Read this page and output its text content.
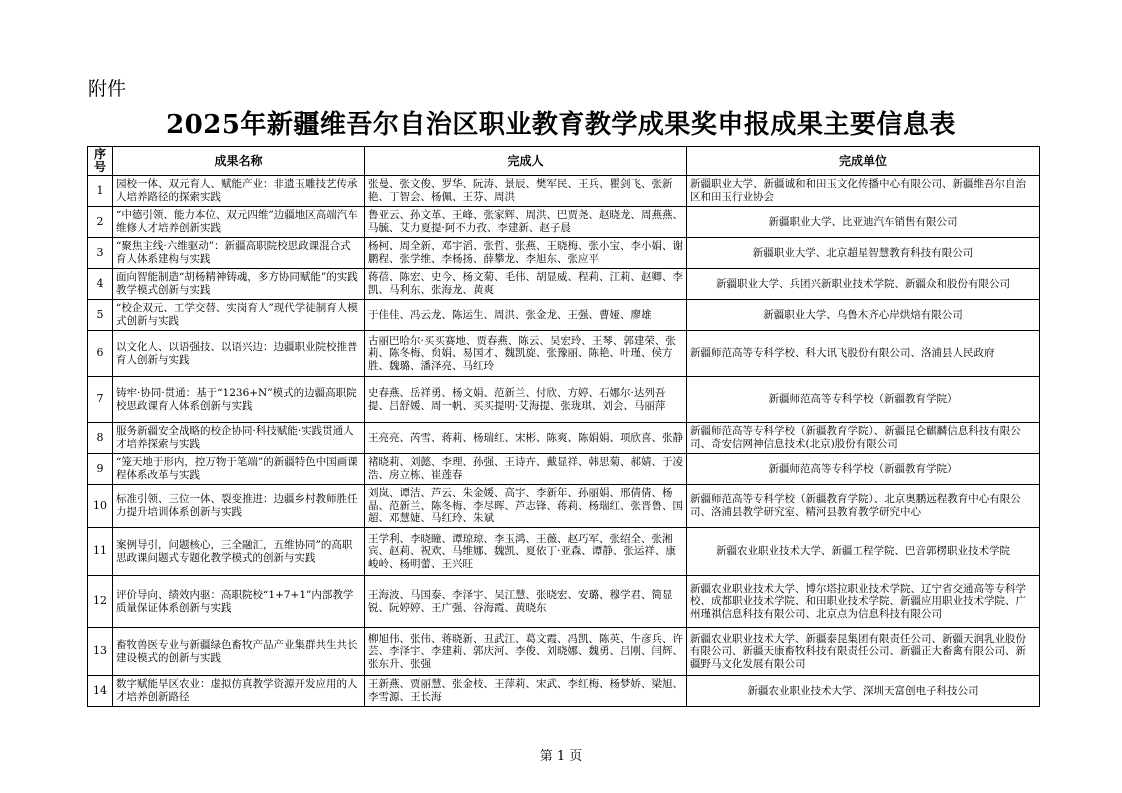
附件
2025年新疆维吾尔自治区职业教育教学成果奖申报成果主要信息表
序号	成果名称	完成人	完成单位
1	园校一体、双元育人、赋能产业：非遗玉雕技艺传承人培养路径的探索实践	张曼、张文俊、罗华、阮涛、景辰、樊军民、王兵、瞿剑飞、张新艳、丁智会、杨佩、王芬、周洪	新疆职业大学、新疆诚和和田玉文化传播中心有限公司、新疆维吾尔自治区和田玉行业协会
2	“中德引领、能力本位、双元四维”边疆地区高端汽车维修人才培养创新实践	鲁亚云、孙文革、王峰、张家辉、周洪、巴贾尧、赵晓龙、周燕燕、马毓、艾力夏提·阿不力孜、李建新、赵子晨	新疆职业大学、比亚迪汽车销售有限公司
3	“聚焦主线·六维驱动”：新疆高职院校思政课混合式育人体系建构与实践	杨柯、周全新、邓宇滔、张哲、张燕、王晓梅、张小宝、李小娟、谢鹏程、张学维、李杨扬、薛攀龙、李旭东、张应平	新疆职业大学、北京超星智慧教育科技有限公司
4	面向智能制造“胡杨精神铸魂，多方协同赋能”的实践教学模式创新与实践	蒋蓓、陈宏、史今、杨文菊、毛伟、胡显威、程莉、江莉、赵卿、李凯、马利东、张海龙、黄爽	新疆职业大学、兵团兴新职业技术学院、新疆众和股份有限公司
5	“校企双元、工学交替、实岗育人”现代学徒制育人模式创新与实践	于佳佳、冯云龙、陈运生、周洪、张金龙、王强、曹娅、廖雄	新疆职业大学、乌鲁木齐心岸烘焙有限公司
6	以文化人、以语强技、以语兴边：边疆职业院校推普育人创新与实践	古丽巴哈尔·买买赛地、贾春燕、陈云、吴宏玲、王琴、郭建荣、张莉、陈冬梅、贠娟、易国才、魏凯旋、张豫丽、陈艳、叶瑾、侯方胜、魏璐、潘泽亮、马红玲	新疆师范高等专科学校、科大讯飞股份有限公司、洛浦县人民政府
7	铸牢·协同·贯通：基于“1236+N”模式的边疆高职院校思政课育人体系创新与实践	史春燕、岳祥勇、杨文娟、范新兰、付欣、方婷、石娜尔·达列吾提、吕舒媛、周一帆、买买提明·艾海提、张珑琪、刘会、马丽萍	新疆师范高等专科学校（新疆教育学院）
8	服务新疆安全战略的校企协同·科技赋能·实践贯通人才培养探索与实践	王亮亮、芮雪、蒋莉、杨瑞红、宋彬、陈爽、陈娟娟、项欣喜、张静	新疆师范高等专科学校（新疆教育学院）、新疆昆仑麒麟信息科技有限公司、奇安信网神信息技术(北京)股份有限公司
9	“笼天地于形内，控万物于笔端”的新疆特色中国画课程体系改革与实践	褚晓莉、刘懿、李理、孙强、王诗卉、戴显祥、韩思菊、郝婧、于凌浩、房立栋、崔莲春	新疆师范高等专科学校（新疆教育学院）
10	标准引领、三位一体、裂变推进：边疆乡村教师胜任力提升培训体系创新与实践	刘岚、谭洁、芦云、朱金媛、高宇、李新年、孙丽娟、邢倩倩、杨晶、范新兰、陈冬梅、李尽晖、芦志锋、蒋莉、杨瑞红、张晋鲁、国超、邓慧婕、马红玲、朱斌	新疆师范高等专科学校（新疆教育学院）、北京奥鹏远程教育中心有限公司、洛浦县教学研究室、精河县教育教学研究中心
11	案例导引，问题核心，三全融汇，五维协同”的高职思政课问题式专题化教学模式的创新与实践	王学利、李晓瞳、谭琼琼、李玉鸿、王薇、赵巧军、张绍全、张湘宾、赵莉、祝欢、马维娜、魏凯、夏依丁·亚森、谭静、张运祥、康峻岭、杨明蕾、王兴旺	新疆农业职业技术大学、新疆工程学院、巴音郭楞职业技术学院
12	评价导向、绩效内驱：高职院校“1+7+1”内部教学质量保证体系创新与实践	王海波、马国泰、李泽宇、吴江慧、张晓宏、安璐、穆学君、简显锐、阮婷婷、王广强、谷海霞、黄晓东	新疆农业职业技术大学、博尔塔拉职业技术学院、辽宁省交通高等专科学校、成都职业技术学院、和田职业技术学院、新疆应用职业技术学院、广州瑾祺信息科技有限公司、北京点为信息科技有限公司
13	畜牧兽医专业与新疆绿色畜牧产品产业集群共生共长建设模式的创新与实践	柳旭伟、张伟、蒋晓新、丑武江、葛文霞、冯凯、陈英、牛彦兵、许芸、李泽宇、李建莉、郭庆河、李俊、刘晓娜、魏勇、吕刚、闫辉、张东升、张强	新疆农业职业技术大学、新疆泰昆集团有限责任公司、新疆天润乳业股份有限公司、新疆天康畜牧科技有限责任公司、新疆正大畜禽有限公司、新疆野马文化发展有限公司
14	数字赋能旱区农业：虚拟仿真教学资源开发应用的人才培养创新路径	王新燕、贾丽慧、张金枝、王萍莉、宋武、李红梅、杨梦娇、梁旭、李雪源、王长海	新疆农业职业技术大学、深圳天富创电子科技公司
第 1 页
